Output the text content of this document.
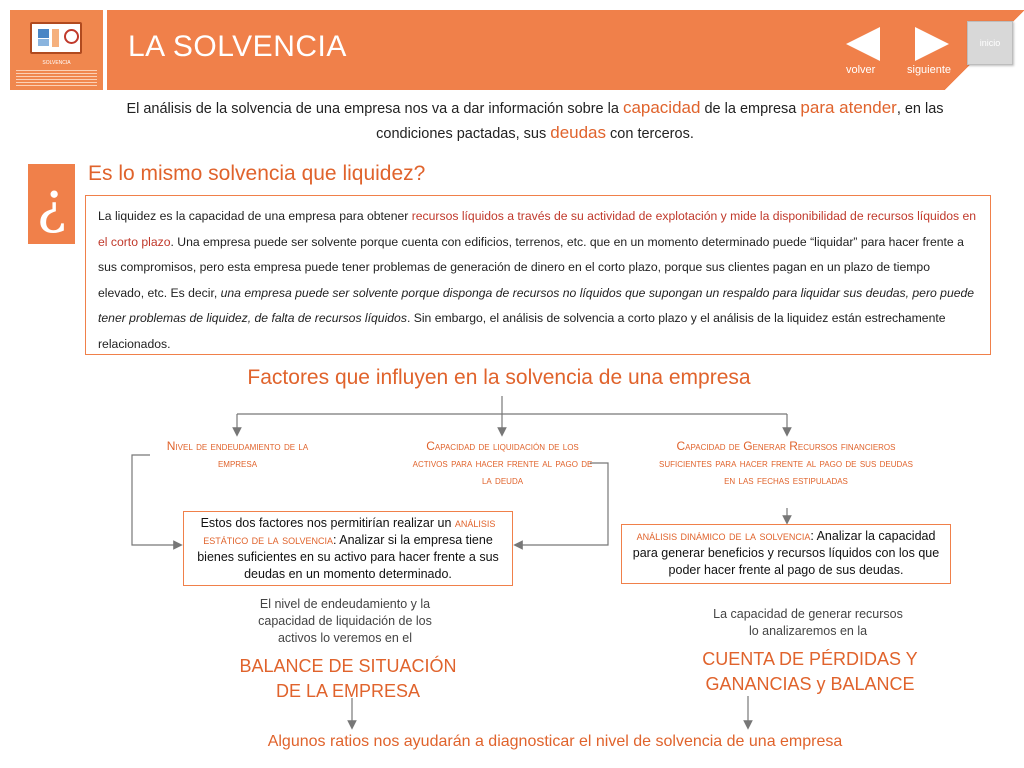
SOLVENCIA	LA SOLVENCIA
volver	siguiente
inicio
El análisis de la solvencia de una empresa nos va a dar información sobre la capacidad de la empresa para atender, en las condiciones pactadas, sus deudas con terceros.
¿	Es lo mismo solvencia que liquidez?
La liquidez es la capacidad de una empresa para obtener recursos líquidos a través de su actividad de explotación y mide la disponibilidad de recursos líquidos en el corto plazo. Una empresa puede ser solvente porque cuenta con edificios, terrenos, etc. que en un momento determinado puede “liquidar” para hacer frente a sus compromisos, pero esta empresa puede tener problemas de generación de dinero en el corto plazo, porque sus clientes pagan en un plazo de tiempo elevado, etc. Es decir, una empresa puede ser solvente porque disponga de recursos no líquidos que supongan un respaldo para liquidar sus deudas, pero puede tener problemas de liquidez, de falta de recursos líquidos. Sin embargo, el análisis de solvencia a corto plazo y el análisis de la liquidez están estrechamente relacionados.
Factores que influyen en la solvencia de una empresa
Nivel de endeudamiento de la empresa
Capacidad de liquidación de los activos para hacer frente al pago de la deuda
Capacidad de Generar Recursos financieros suficientes para hacer frente al pago de sus deudas en las fechas estipuladas
Estos dos factores nos permitirían realizar un análisis estático de la solvencia: Analizar si la empresa tiene bienes suficientes en su activo para hacer frente a sus deudas en un momento determinado.
análisis dinámico de la solvencia: Analizar la capacidad para generar beneficios y recursos líquidos con los que poder hacer frente al pago de sus deudas.
El nivel de endeudamiento y la capacidad de liquidación de los activos lo veremos en el
BALANCE DE SITUACIÓN DE LA EMPRESA
La capacidad de generar recursos lo analizaremos en la
CUENTA DE PÉRDIDAS Y GANANCIAS y BALANCE
Algunos ratios nos ayudarán a diagnosticar el nivel de solvencia de una empresa
